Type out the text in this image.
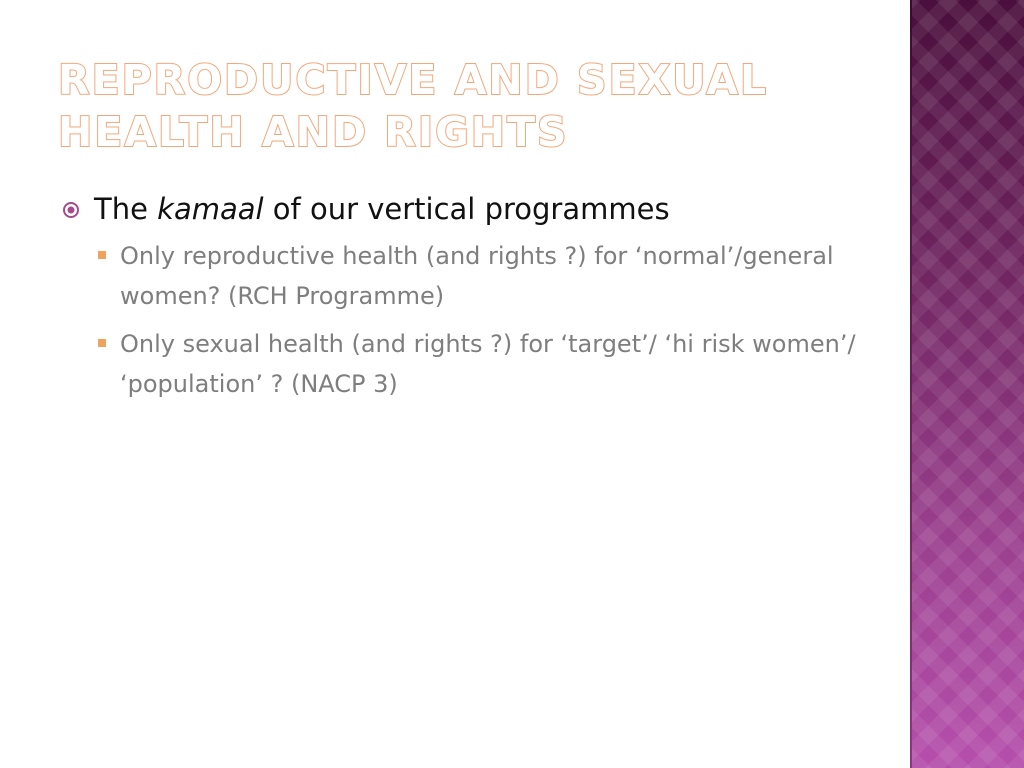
REPRODUCTIVE AND SEXUAL
HEALTH AND RIGHTS
The kamaal of our vertical programmes
Only reproductive health (and rights ?) for ‘normal’/general women? (RCH Programme)
Only sexual health (and rights ?) for ‘target’/ ‘hi risk women’/ ‘population’ ? (NACP 3)
